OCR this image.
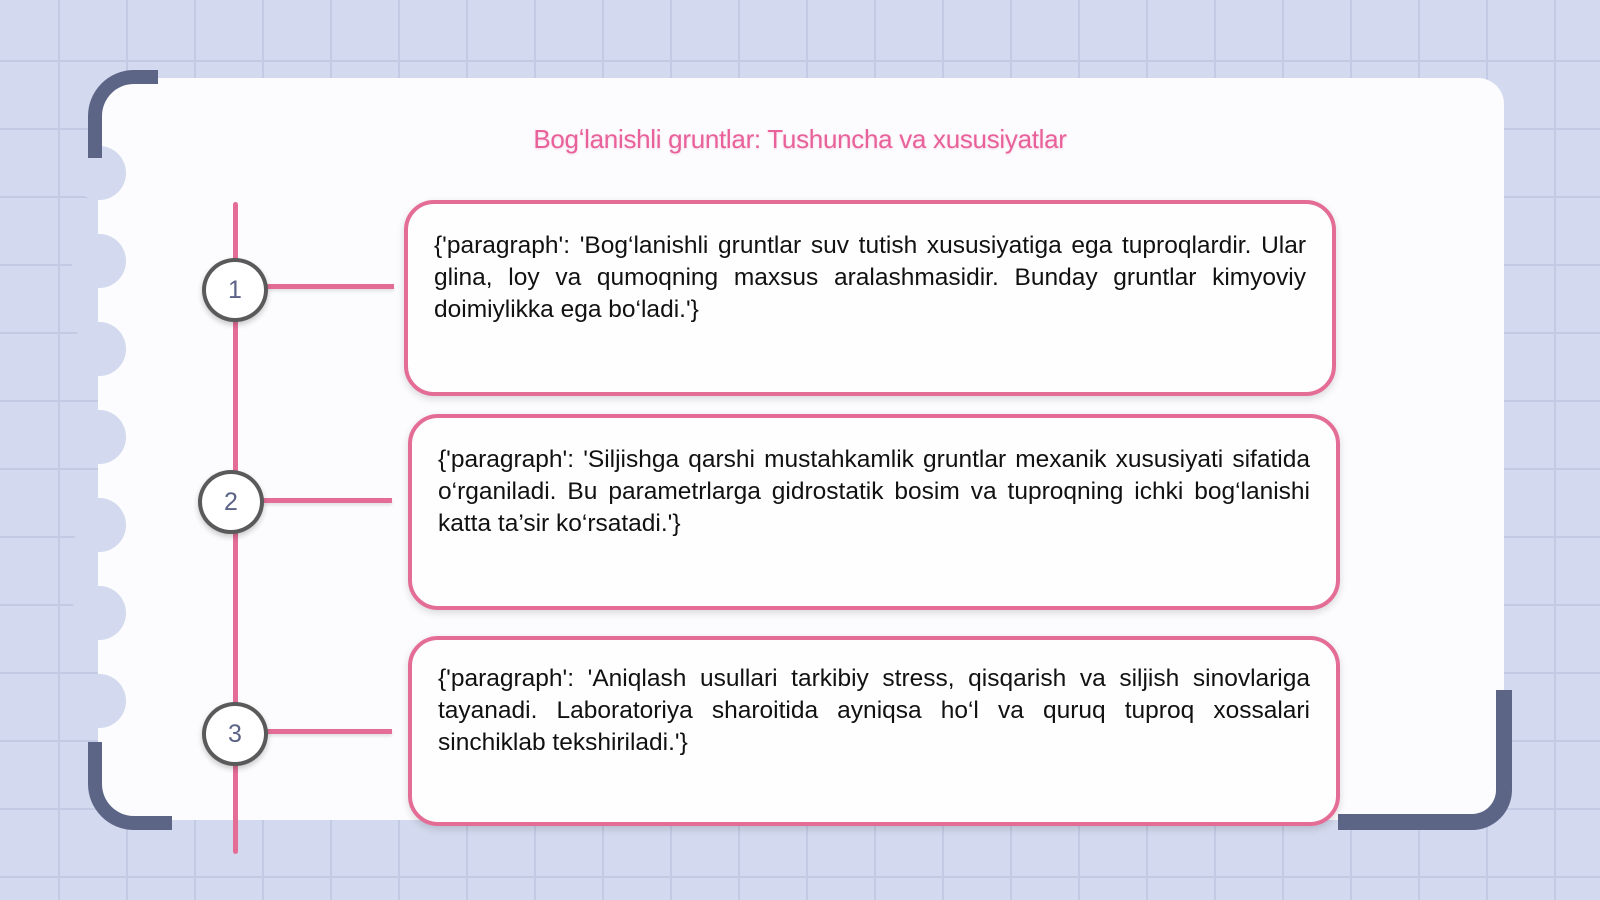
Bogʻlanishli gruntlar: Tushuncha va xususiyatlar
1
2
3

{'paragraph': 'Bog‘lanishli gruntlar suv tutish xususiyatiga ega tuproqlardir. Ular glina, loy va qumoqning maxsus aralashmasidir. Bunday gruntlar kimyoviy doimiylikka ega bo‘ladi.'}

{'paragraph': 'Siljishga qarshi mustahkamlik gruntlar mexanik xususiyati sifatida o‘rganiladi. Bu parametrlarga gidrostatik bosim va tuproqning ichki bog‘lanishi katta ta’sir ko‘rsatadi.'}

{'paragraph': 'Aniqlash usullari tarkibiy stress, qisqarish va siljish sinovlariga tayanadi. Laboratoriya sharoitida ayniqsa ho‘l va quruq tuproq xossalari sinchiklab tekshiriladi.'}
